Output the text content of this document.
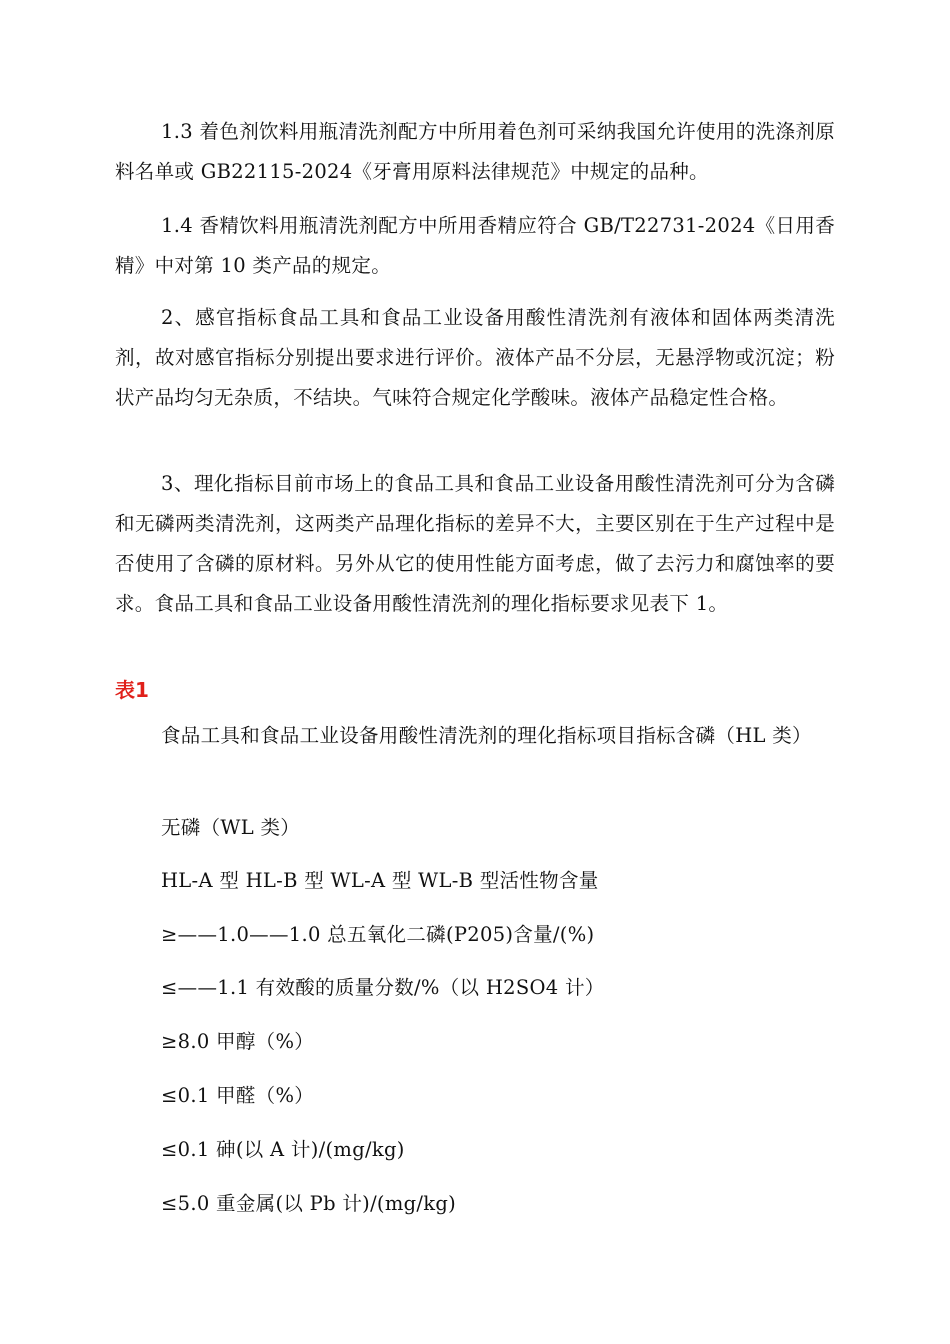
1.3 着色剂饮料用瓶清洗剂配方中所用着色剂可采纳我国允许使用的洗涤剂原料名单或 GB22115-2024《牙膏用原料法律规范》中规定的品种。

1.4 香精饮料用瓶清洗剂配方中所用香精应符合 GB/T22731-2024《日用香精》中对第 10 类产品的规定。

2、感官指标食品工具和食品工业设备用酸性清洗剂有液体和固体两类清洗剂，故对感官指标分别提出要求进行评价。液体产品不分层，无悬浮物或沉淀；粉状产品均匀无杂质，不结块。气味符合规定化学酸味。液体产品稳定性合格。

3、理化指标目前市场上的食品工具和食品工业设备用酸性清洗剂可分为含磷和无磷两类清洗剂，这两类产品理化指标的差异不大，主要区别在于生产过程中是否使用了含磷的原材料。另外从它的使用性能方面考虑，做了去污力和腐蚀率的要求。食品工具和食品工业设备用酸性清洗剂的理化指标要求见表下 1。

表1

食品工具和食品工业设备用酸性清洗剂的理化指标项目指标含磷（HL 类）

无磷（WL 类）

HL-A 型 HL-B 型 WL-A 型 WL-B 型活性物含量

≥——1.0——1.0 总五氧化二磷(P205)含量/(%)

≤——1.1 有效酸的质量分数/%（以 H2SO4 计）

≥8.0 甲醇（%）

≤0.1 甲醛（%）

≤0.1 砷(以 A 计)/(mg/kg)

≤5.0 重金属(以 Pb 计)/(mg/kg)
